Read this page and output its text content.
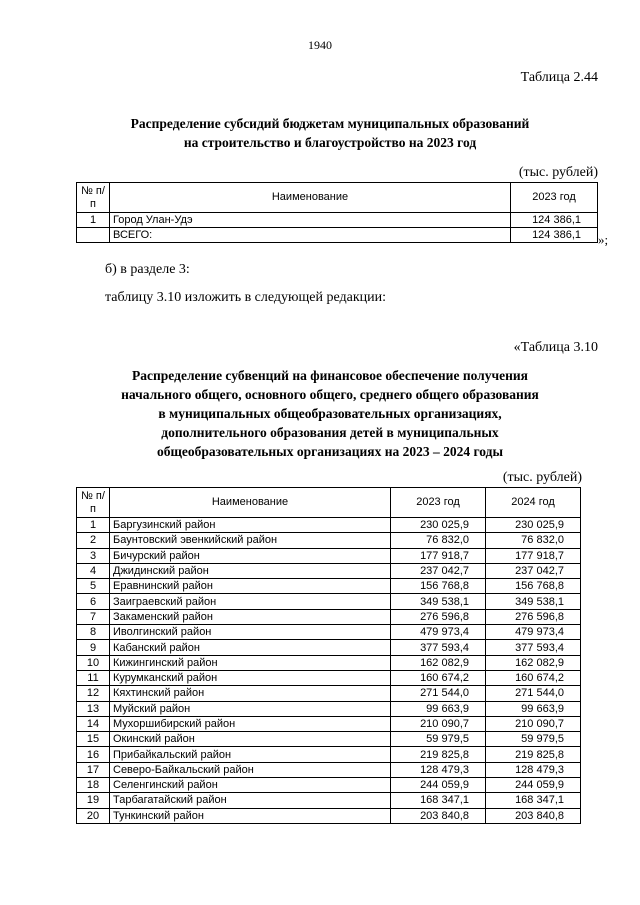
1940
Таблица 2.44
Распределение субсидий бюджетам муниципальных образований
на строительство и благоустройство на 2023 год
(тыс. рублей)
№ п/п	Наименование	2023 год
1	Город Улан-Удэ	124 386,1
	ВСЕГО:	124 386,1 »;
б) в разделе 3:
таблицу 3.10 изложить в следующей редакции:
«Таблица 3.10
Распределение субвенций на финансовое обеспечение получения
начального общего, основного общего, среднего общего образования
в муниципальных общеобразовательных организациях,
дополнительного образования детей в муниципальных
общеобразовательных организациях на 2023 – 2024 годы
(тыс. рублей)
№ п/п	Наименование	2023 год	2024 год
1	Баргузинский район	230 025,9	230 025,9
2	Баунтовский эвенкийский район	76 832,0	76 832,0
3	Бичурский район	177 918,7	177 918,7
4	Джидинский район	237 042,7	237 042,7
5	Еравнинский район	156 768,8	156 768,8
6	Заиграевский район	349 538,1	349 538,1
7	Закаменский район	276 596,8	276 596,8
8	Иволгинский район	479 973,4	479 973,4
9	Кабанский район	377 593,4	377 593,4
10	Кижингинский район	162 082,9	162 082,9
11	Курумканский район	160 674,2	160 674,2
12	Кяхтинский район	271 544,0	271 544,0
13	Муйский район	99 663,9	99 663,9
14	Мухоршибирский район	210 090,7	210 090,7
15	Окинский район	59 979,5	59 979,5
16	Прибайкальский район	219 825,8	219 825,8
17	Северо-Байкальский район	128 479,3	128 479,3
18	Селенгинский район	244 059,9	244 059,9
19	Тарбагатайский район	168 347,1	168 347,1
20	Тункинский район	203 840,8	203 840,8
